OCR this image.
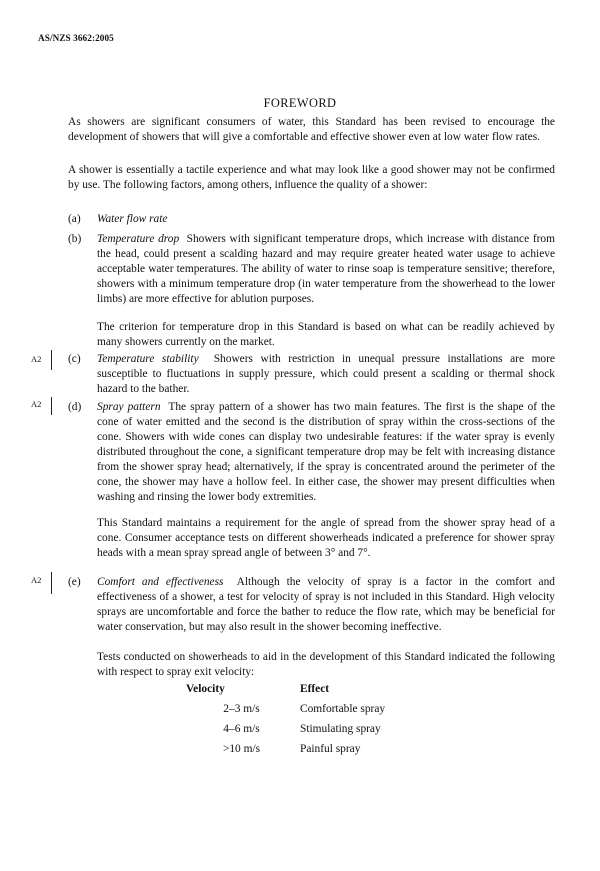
AS/NZS 3662:2005
FOREWORD
As showers are significant consumers of water, this Standard has been revised to encourage the development of showers that will give a comfortable and effective shower even at low water flow rates.
A shower is essentially a tactile experience and what may look like a good shower may not be confirmed by use. The following factors, among others, influence the quality of a shower:
(a) Water flow rate
(b) Temperature drop Showers with significant temperature drops, which increase with distance from the head, could present a scalding hazard and may require greater heated water usage to achieve acceptable water temperatures. The ability of water to rinse soap is temperature sensitive; therefore, showers with a minimum temperature drop (in water temperature from the showerhead to the lower limbs) are more effective for ablution purposes.
The criterion for temperature drop in this Standard is based on what can be readily achieved by many showers currently on the market.
A2 (c) Temperature stability Showers with restriction in unequal pressure installations are more susceptible to fluctuations in supply pressure, which could present a scalding or thermal shock hazard to the bather.
A2 (d) Spray pattern The spray pattern of a shower has two main features. The first is the shape of the cone of water emitted and the second is the distribution of spray within the cross-sections of the cone. Showers with wide cones can display two undesirable features: if the water spray is evenly distributed throughout the cone, a significant temperature drop may be felt with increasing distance from the shower spray head; alternatively, if the spray is concentrated around the perimeter of the cone, the shower may have a hollow feel. In either case, the shower may present difficulties when washing and rinsing the lower body extremities.
This Standard maintains a requirement for the angle of spread from the shower spray head of a cone. Consumer acceptance tests on different showerheads indicated a preference for shower spray heads with a mean spray spread angle of between 3° and 7°.
A2 (e) Comfort and effectiveness Although the velocity of spray is a factor in the comfort and effectiveness of a shower, a test for velocity of spray is not included in this Standard. High velocity sprays are uncomfortable and force the bather to reduce the flow rate, which may be beneficial for water conservation, but may also result in the shower becoming ineffective.
Tests conducted on showerheads to aid in the development of this Standard indicated the following with respect to spray exit velocity:
Velocity	Effect
2–3 m/s	Comfortable spray
4–6 m/s	Stimulating spray
>10 m/s	Painful spray
